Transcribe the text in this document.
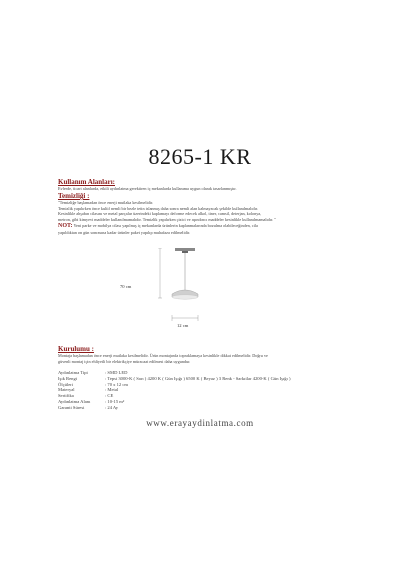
8265-1 KR
Kullanım Alanları:
Evlerde, ticari alanlarda, etkili aydınlatma gerektiren iç mekanlarda kullanıma uygun olarak tasarlanmıştır.
Temizliği :
"Temizliğe başlamadan önce enerji mutlaka kesilmelidir.
Temizlik yapılırken önce kuliif nemli bir bezle tetin islanmış daha sonra nemli alan kalmayacak şekilde kullanılmalıdır.
Kesinlikle ahşabın cilasını ve metal parçalar üzerindeki kaplamayı deforme edecek alkol, tiner, camsil, deterjan, kolonya,
metron, gibi kimyevi maddeler kullanılmamalıdır. Temizlik yapılırken çizici ve aşındırıcı maddeler kesinlikle kullanılmamalıdır. "
NOT: Yeni parke ve mobilya cilası yapılmış iç mekanlarda ürünlerin kaplanmalarında bozulma olabileceğinden, cila
yapıldıktan on gün sonrasına kadar ürünler paket yapılıp muhafaza edilmelidir.
70 cm
12 cm
Kurulumu :
Montaja başlamadan önce enerji mutlaka kesilmelidir. Ürün montajında topraklamaya kesinlikle dikkat edilmelidir. Doğru ve
güvenli montaj için ehliyetli bir elektrikçiye müracaat edilmesi daha uygundur.
Aydınlatma Tipi	: SMD LED
Işık Rengi	: Tepsi 3000-K ( Sarı ) 4200 K ( Gün Işığı ) 6500 K ( Beyaz ) 3 Renk - Sarkıtlar 4200-K ( Gün Işığı )
Ölçüleri	: 70 x 12 cm
Materyal	: Metal
Sertifika	: CE
Aydınlatma Alanı	: 10-15 m²
Garanti Süresi	: 24 Ay
www.erayaydinlatma.com
